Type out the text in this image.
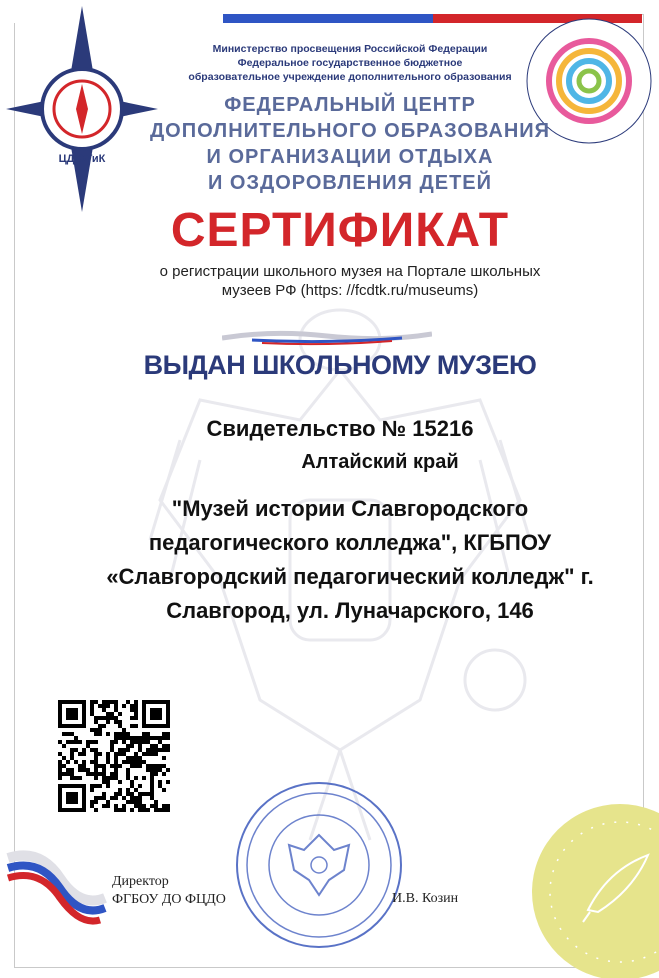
ЦДЮТиК
Министерство просвещения Российской Федерации
Федеральное государственное бюджетное
образовательное учреждение дополнительного образования
ФЕДЕРАЛЬНЫЙ ЦЕНТР
ДОПОЛНИТЕЛЬНОГО ОБРАЗОВАНИЯ
И ОРГАНИЗАЦИИ ОТДЫХА
И ОЗДОРОВЛЕНИЯ ДЕТЕЙ
СЕРТИФИКАТ
о регистрации школьного музея на Портале школьных
музеев РФ (https: //fcdtk.ru/museums)
ВЫДАН ШКОЛЬНОМУ МУЗЕЮ
Свидетельство № 15216
Алтайский край
"Музей истории Славгородского
педагогического колледжа", КГБПОУ
«Славгородский педагогический колледж" г.
Славгород, ул. Луначарского, 146
Директор
ФГБОУ ДО ФЦДО	И.В. Козин
